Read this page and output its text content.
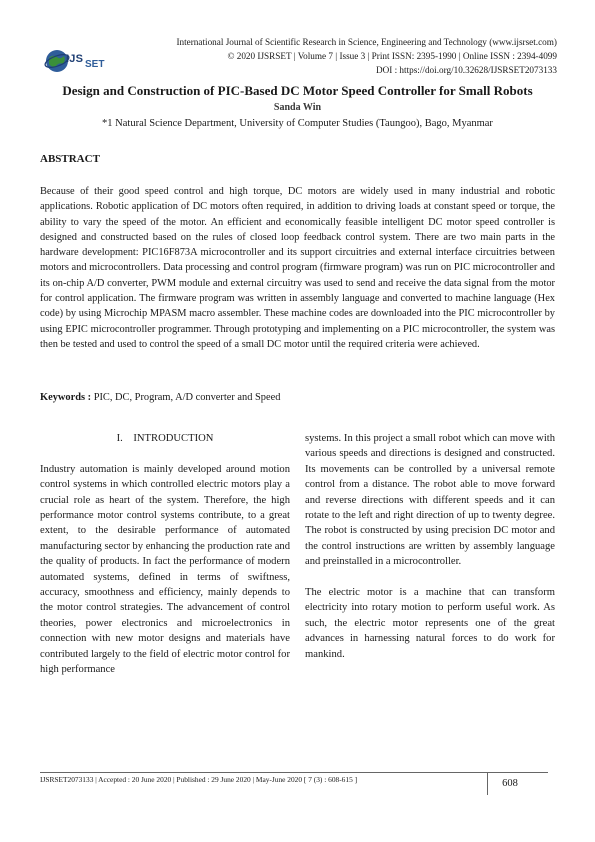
IJS SET
International Journal of Scientific Research in Science, Engineering and Technology (www.ijsrset.com)
© 2020 IJSRSET | Volume 7 | Issue 3 | Print ISSN: 2395-1990 | Online ISSN : 2394-4099
DOI : https://doi.org/10.32628/IJSRSET2073133
Design and Construction of PIC-Based DC Motor Speed Controller for Small Robots
Sanda Win
*1 Natural Science Department, University of Computer Studies (Taungoo), Bago, Myanmar
ABSTRACT

Because of their good speed control and high torque, DC motors are widely used in many industrial and robotic applications. Robotic application of DC motors often required, in addition to driving loads at constant speed or torque, the ability to vary the speed of the motor. An efficient and economically feasible intelligent DC motor speed controller is designed and constructed based on the rules of closed loop feedback control system. There are two main parts in the hardware development: PIC16F873A microcontroller and its support circuitries and external interface circuitries between motors and microcontrollers. Data processing and control program (firmware program) was run on PIC microcontroller and its on-chip A/D converter, PWM module and external circuitry was used to send and receive the data signal from the motor for control application. The firmware program was written in assembly language and converted to machine language (Hex code) by using Microchip MPASM macro assembler. These machine codes are downloaded into the PIC microcontroller by using EPIC microcontroller programmer. Through prototyping and implementing on a PIC microcontroller, the system was then be tested and used to control the speed of a small DC motor until the required criteria were achieved.

Keywords : PIC, DC, Program, A/D converter and Speed

I.    INTRODUCTION

Industry automation is mainly developed around motion control systems in which controlled electric motors play a crucial role as heart of the system. Therefore, the high performance motor control systems contribute, to a great extent, to the desirable performance of automated manufacturing sector by enhancing the production rate and the quality of products. In fact the performance of modern automated systems, defined in terms of swiftness, accuracy, smoothness and efficiency, mainly depends to the motor control strategies. The advancement of control theories, power electronics and microelectronics in connection with new motor designs and materials have contributed largely to the field of electric motor control for high performance

systems. In this project a small robot which can move with various speeds and directions is designed and constructed. Its movements can be controlled by a universal remote control from a distance. The robot able to move forward and reverse directions with different speeds and it can rotate to the left and right direction of up to twenty degree. The robot is constructed by using precision DC motor and the control instructions are written by assembly language and preinstalled in a microcontroller.

The electric motor is a machine that can transform electricity into rotary motion to perform useful work. As such, the electric motor represents one of the great advances in harnessing natural forces to do work for mankind.

IJSRSET2073133 | Accepted : 20 June 2020 | Published : 29 June 2020 | May-June 2020 [ 7 (3) : 608-615 ]	608
